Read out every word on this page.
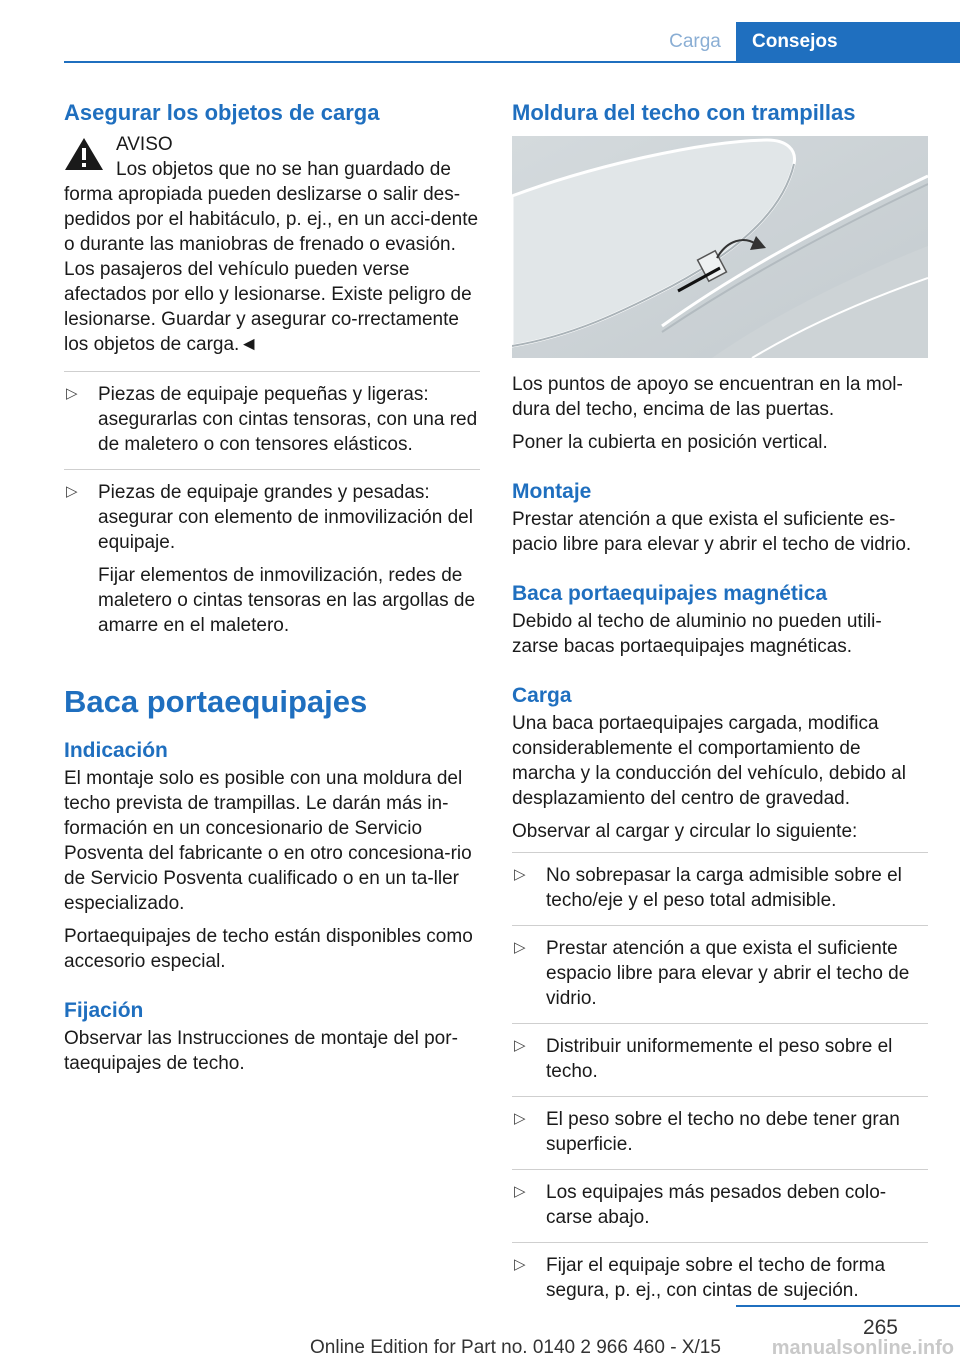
Carga	Consejos
Asegurar los objetos de carga

AVISO

Los objetos que no se han guardado de

forma apropiada pueden deslizarse o salir des-pedidos por el habitáculo, p. ej., en un acci-dente o durante las maniobras de frenado o evasión. Los pasajeros del vehículo pueden verse afectados por ello y lesionarse. Existe peligro de lesionarse. Guardar y asegurar co-rrectamente los objetos de carga.◄

▷ Piezas de equipaje pequeñas y ligeras: asegurarlas con cintas tensoras, con una red de maletero o con tensores elásticos.

▷ Piezas de equipaje grandes y pesadas: asegurar con elemento de inmovilización del equipaje.

Fijar elementos de inmovilización, redes de maletero o cintas tensoras en las argollas de amarre en el maletero.

Baca portaequipajes
Indicación

El montaje solo es posible con una moldura del techo prevista de trampillas. Le darán más in-formación en un concesionario de Servicio Posventa del fabricante o en otro concesiona-rio de Servicio Posventa cualificado o en un ta-ller especializado.

Portaequipajes de techo están disponibles como accesorio especial.

Fijación

Observar las Instrucciones de montaje del por-taequipajes de techo.

Moldura del techo con trampillas

Los puntos de apoyo se encuentran en la mol-dura del techo, encima de las puertas.

Poner la cubierta en posición vertical.

Montaje

Prestar atención a que exista el suficiente es-pacio libre para elevar y abrir el techo de vidrio.

Baca portaequipajes magnética

Debido al techo de aluminio no pueden utili-zarse bacas portaequipajes magnéticas.

Carga

Una baca portaequipajes cargada, modifica considerablemente el comportamiento de marcha y la conducción del vehículo, debido al desplazamiento del centro de gravedad.

Observar al cargar y circular lo siguiente:

▷ No sobrepasar la carga admisible sobre el techo/eje y el peso total admisible.

▷ Prestar atención a que exista el suficiente espacio libre para elevar y abrir el techo de vidrio.

▷ Distribuir uniformemente el peso sobre el techo.

▷ El peso sobre el techo no debe tener gran superficie.

▷ Los equipajes más pesados deben colo-carse abajo.

▷ Fijar el equipaje sobre el techo de forma segura, p. ej., con cintas de sujeción.

265
Online Edition for Part no. 0140 2 966 460 - X/15	manualsonline.info
